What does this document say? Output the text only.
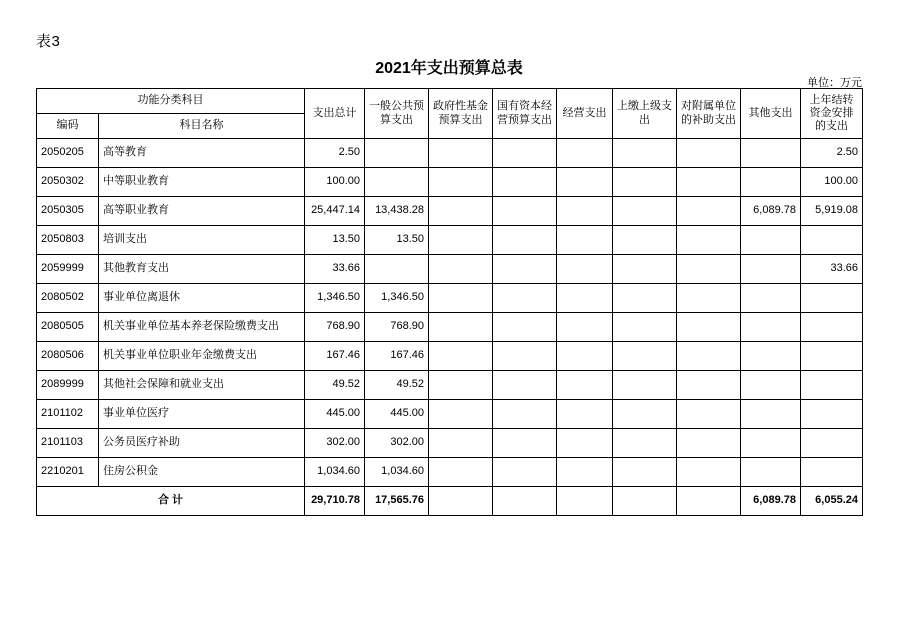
表3
2021年支出预算总表
单位：万元
功能分类科目		支出总计	一般公共预算支出	政府性基金预算支出	国有资本经营预算支出	经营支出	上缴上级支出	对附属单位的补助支出	其他支出	上年结转资金安排的支出
编码	科目名称									
2050205	高等教育	2.50								2.50
2050302	中等职业教育	100.00								100.00
2050305	高等职业教育	25,447.14	13,438.28						6,089.78	5,919.08
2050803	培训支出	13.50	13.50							
2059999	其他教育支出	33.66								33.66
2080502	事业单位离退休	1,346.50	1,346.50							
2080505	机关事业单位基本养老保险缴费支出	768.90	768.90							
2080506	机关事业单位职业年金缴费支出	167.46	167.46							
2089999	其他社会保障和就业支出	49.52	49.52							
2101102	事业单位医疗	445.00	445.00							
2101103	公务员医疗补助	302.00	302.00							
2210201	住房公积金	1,034.60	1,034.60							
合 计		29,710.78	17,565.76						6,089.78	6,055.24
